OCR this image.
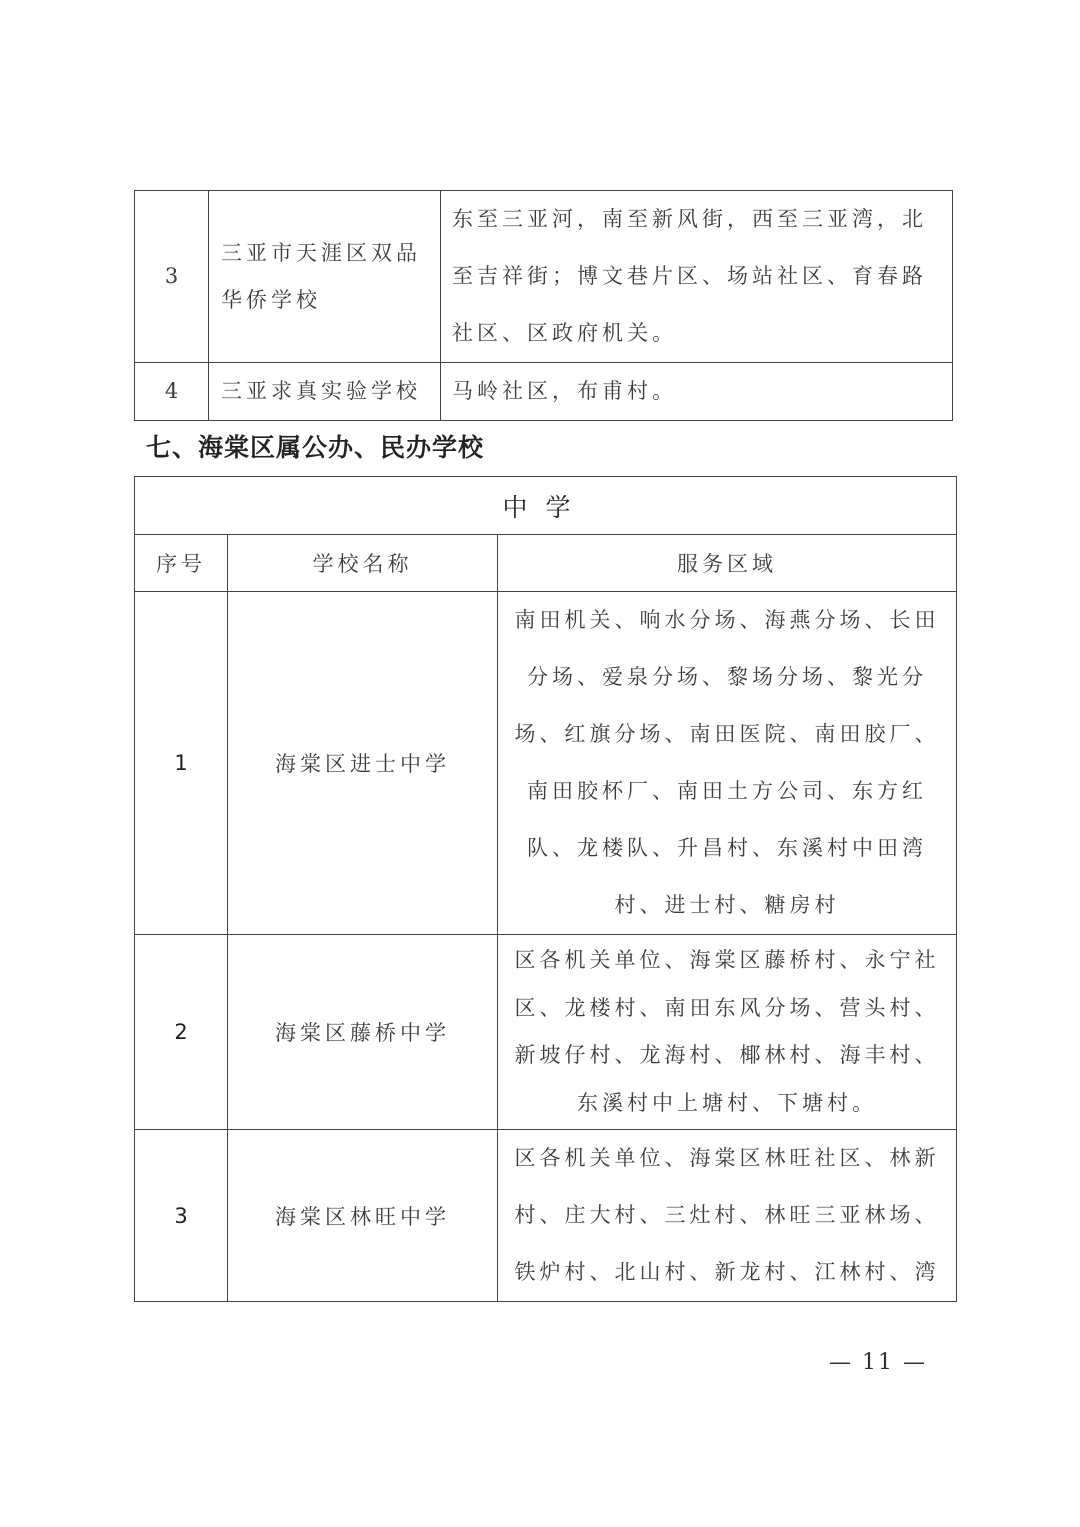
3	三亚市天涯区双品华侨学校	东至三亚河，南至新风街，西至三亚湾，北至吉祥街；博文巷片区、场站社区、育春路社区、区政府机关。
4	三亚求真实验学校	马岭社区，布甫村。
七、海棠区属公办、民办学校
中学		
序号	学校名称	服务区域
1	海棠区进士中学	南田机关、响水分场、海燕分场、长田分场、爱泉分场、黎场分场、黎光分场、红旗分场、南田医院、南田胶厂、南田胶杯厂、南田土方公司、东方红队、龙楼队、升昌村、东溪村中田湾村、进士村、糖房村
2	海棠区藤桥中学	区各机关单位、海棠区藤桥村、永宁社区、龙楼村、南田东风分场、营头村、新坡仔村、龙海村、椰林村、海丰村、东溪村中上塘村、下塘村。
3	海棠区林旺中学	区各机关单位、海棠区林旺社区、林新村、庄大村、三灶村、林旺三亚林场、铁炉村、北山村、新龙村、江林村、湾

— 11 —
